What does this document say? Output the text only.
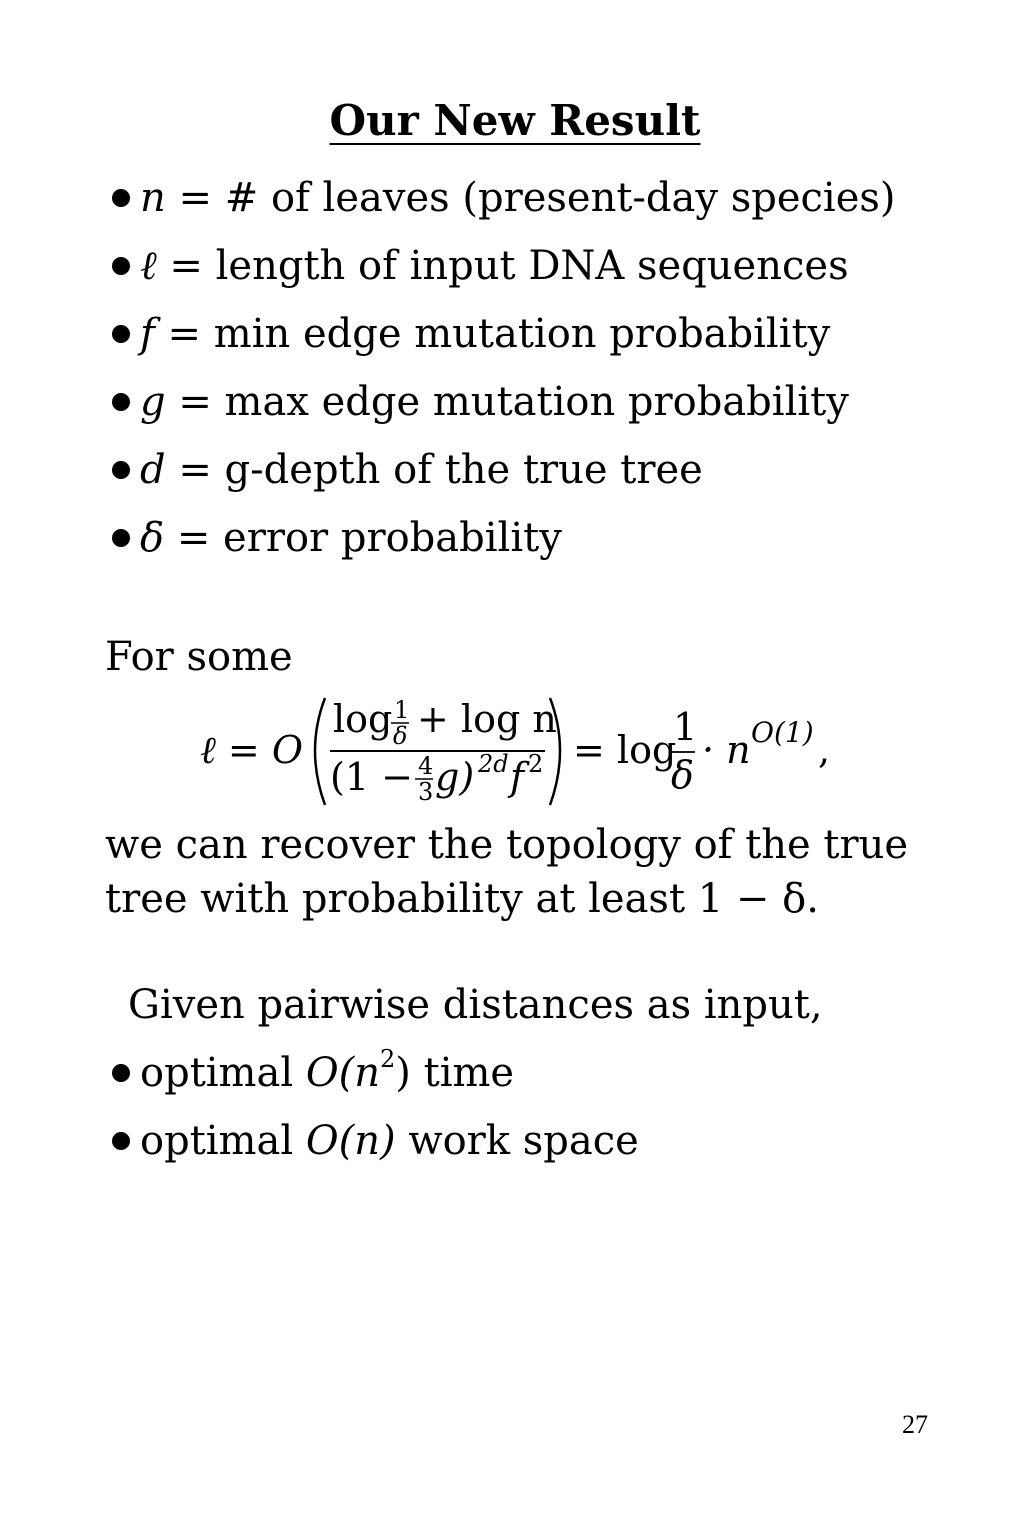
Our New Result
n = # of leaves (present-day species)
ℓ = length of input DNA sequences
f = min edge mutation probability
g = max edge mutation probability
d = g-depth of the true tree
δ = error probability
For some
ℓ = O
log 1
δ + log n
(1 − 4
3 g) 2d f 2 = log
1
δ
· n O(1) ,
we can recover the topology of the true tree with probability at least 1 − δ.
Given pairwise distances as input,
optimal $O(n^2)$ time
optimal O(n) work space
27
